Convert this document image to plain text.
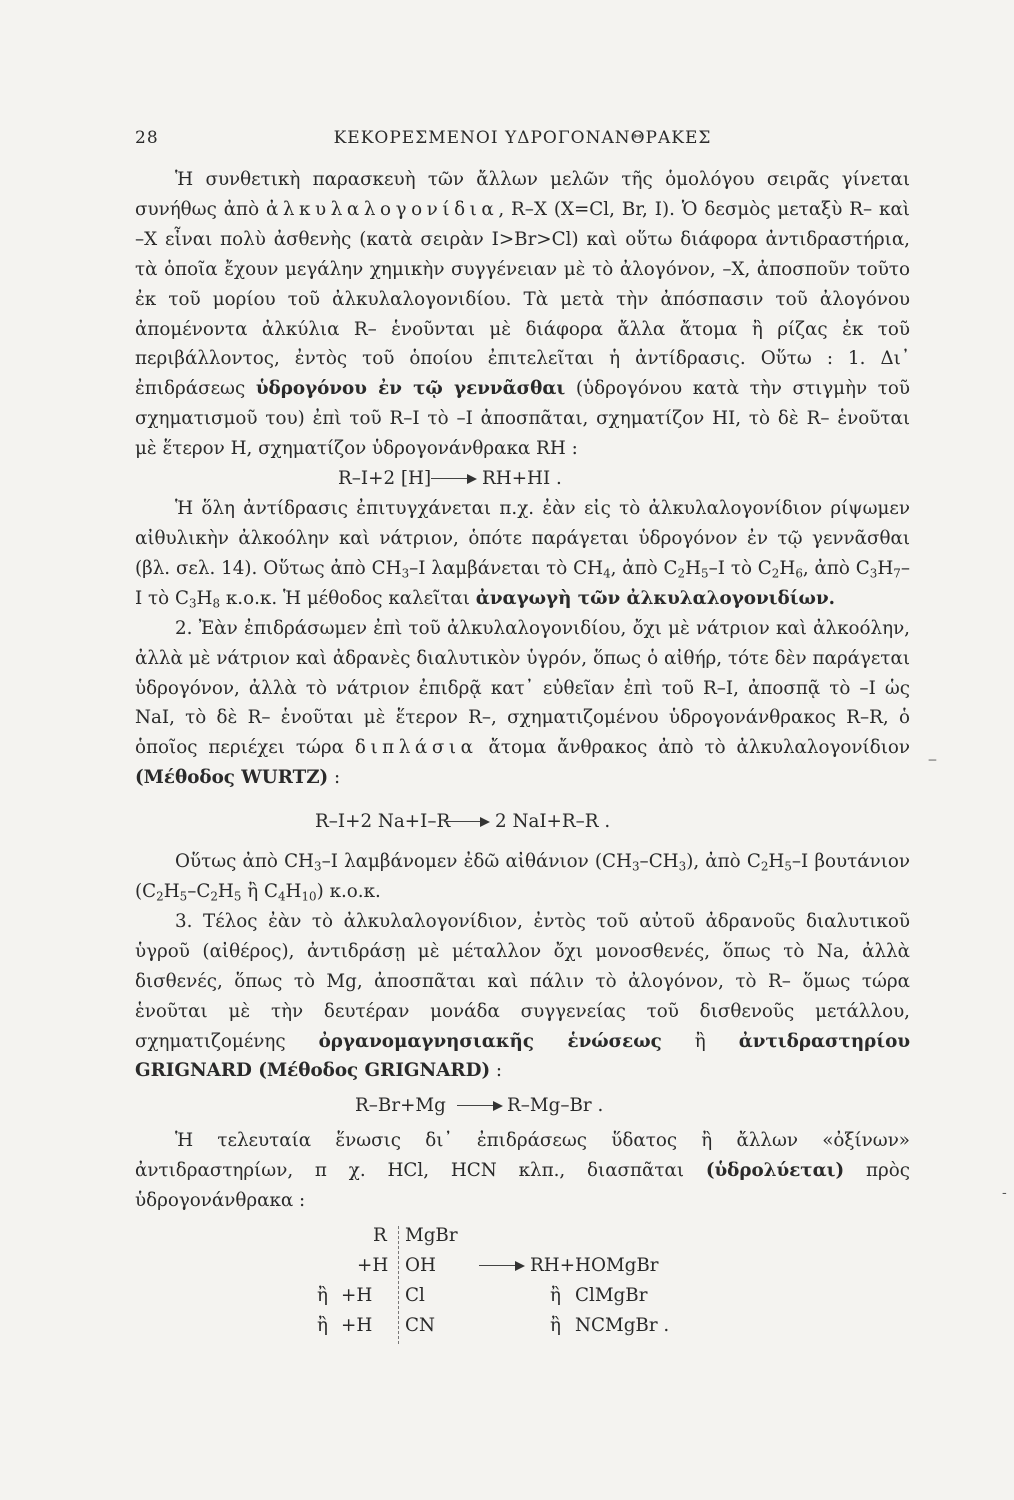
28	ΚΕΚΟΡΕΣΜΕΝΟΙ ΥΔΡΟΓΟΝΑΝΘΡΑΚΕΣ

Ἡ συνθετικὴ παρασκευὴ τῶν ἄλλων μελῶν τῆς ὁμολόγου σειρᾶς γίνεται συνήθως ἀπὸ ἀλκυλαλογονίδια, R–X (X=Cl, Br, I). Ὁ δεσμὸς μεταξὺ R– καὶ –X εἶναι πολὺ ἀσθενὴς (κατὰ σειρὰν I>Br>Cl) καὶ οὕτω διάφορα ἀντιδραστήρια, τὰ ὁποῖα ἔχουν μεγάλην χημικὴν συγγένειαν μὲ τὸ ἀλογόνον, –X, ἀποσποῦν τοῦτο ἐκ τοῦ μορίου τοῦ ἀλκυλαλογονιδίου. Τὰ μετὰ τὴν ἀπόσπασιν τοῦ ἀλογόνου ἀπομένοντα ἀλκύλια R– ἑνοῦνται μὲ διάφορα ἄλλα ἄτομα ἢ ρίζας ἐκ τοῦ περιβάλλοντος, ἐντὸς τοῦ ὁποίου ἐπιτελεῖται ἡ ἀντίδρασις. Οὕτω : 1. Δι᾽ ἐπιδράσεως ὑδρογόνου ἐν τῷ γεννᾶσθαι (ὑδρογόνου κατὰ τὴν στιγμὴν τοῦ σχηματισμοῦ του) ἐπὶ τοῦ R–I τὸ –I ἀποσπᾶται, σχηματίζον HI, τὸ δὲ R– ἑνοῦται μὲ ἕτερον H, σχηματίζον ὑδρογονάνθρακα RH :

R–I+2 [H]	RH+HI .

Ἡ ὅλη ἀντίδρασις ἐπιτυγχάνεται π.χ. ἐὰν εἰς τὸ ἀλκυλαλογονίδιον ρίψωμεν αἰθυλικὴν ἀλκοόλην καὶ νάτριον, ὁπότε παράγεται ὑδρογόνον ἐν τῷ γεννᾶσθαι (βλ. σελ. 14). Οὕτως ἀπὸ $CH_3-I$ λαμβάνεται τὸ $CH_4$, ἀπὸ $C_2H_5-I$ τὸ $C_2H_6$, ἀπὸ $C_3H_7-I$ τὸ $C_3H_8$ κ.ο.κ. Ἡ μέθοδος καλεῖται ἀναγωγὴ τῶν ἀλκυλαλογονιδίων.

2. Ἐὰν ἐπιδράσωμεν ἐπὶ τοῦ ἀλκυλαλογονιδίου, ὄχι μὲ νάτριον καὶ ἀλκοόλην, ἀλλὰ μὲ νάτριον καὶ ἀδρανὲς διαλυτικὸν ὑγρόν, ὅπως ὁ αἰθήρ, τότε δὲν παράγεται ὑδρογόνον, ἀλλὰ τὸ νάτριον ἐπιδρᾷ κατ᾽ εὐθεῖαν ἐπὶ τοῦ R–I, ἀποσπᾷ τὸ –I ὡς NaI, τὸ δὲ R– ἑνοῦται μὲ ἕτερον R–, σχηματιζομένου ὑδρογονάνθρακος R–R, ὁ ὁποῖος περιέχει τώρα διπλάσια ἄτομα ἄνθρακος ἀπὸ τὸ ἀλκυλαλογονίδιον (Μέθοδος WURTZ) :

R–I+2 Na+I–R 2 NaI+R–R .

Οὕτως ἀπὸ $CH_3-I$ λαμβάνομεν ἐδῶ αἰθάνιον $(CH_3-CH_3)$, ἀπὸ $C_2H_5-I$ βουτάνιον ($C_2H_5-C_2H_5$ ἢ $C_4H_{10}$) κ.ο.κ.

3. Τέλος ἐὰν τὸ ἀλκυλαλογονίδιον, ἐντὸς τοῦ αὐτοῦ ἀδρανοῦς διαλυτικοῦ ὑγροῦ (αἰθέρος), ἀντιδράσῃ μὲ μέταλλον ὄχι μονοσθενές, ὅπως τὸ Na, ἀλλὰ δισθενές, ὅπως τὸ Mg, ἀποσπᾶται καὶ πάλιν τὸ ἀλογόνον, τὸ R– ὅμως τώρα ἑνοῦται μὲ τὴν δευτέραν μονάδα συγγενείας τοῦ δισθενοῦς μετάλλου, σχηματιζομένης ὀργανομαγνησιακῆς ἑνώσεως ἢ ἀντιδραστηρίου GRIGNARD (Μέθοδος GRIGNARD) :

R–Br+Mg	R–Mg–Br .

Ἡ τελευταία ἕνωσις δι᾽ ἐπιδράσεως ὕδατος ἢ ἄλλων «ὀξίνων» ἀντιδραστηρίων, π χ. HCl, HCN κλπ., διασπᾶται (ὑδρολύεται) πρὸς ὑδρογονάνθρακα :

R MgBr
+H OH	RH+HOMgBr
ἢ +H Cl	ἢ ClMgBr
ἢ +H CN	ἢ NCMgBr .
‒
‑
